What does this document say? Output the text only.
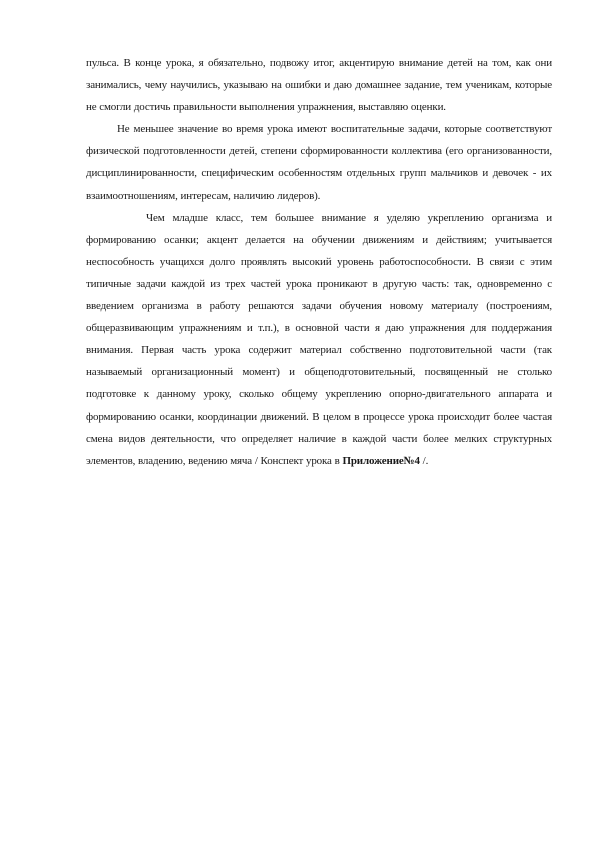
пульса. В конце урока, я обязательно, подвожу итог, акцентирую внимание детей на том, как они занимались, чему научились, указываю на ошибки и даю домашнее задание, тем ученикам, которые не смогли достичь правильности выполнения упражнения, выставляю оценки.

Не меньшее значение во время урока имеют воспитательные задачи, которые соответствуют физической подготовленности детей, степени сформированности коллектива (его организованности, дисциплинированности, специфическим особенностям отдельных групп мальчиков и девочек - их взаимоотношениям, интересам, наличию лидеров).

Чем младше класс, тем большее внимание я уделяю укреплению организма и формированию осанки; акцент делается на обучении движениям и действиям; учитывается неспособность учащихся долго проявлять высокий уровень работоспособности. В связи с этим типичные задачи каждой из трех частей урока проникают в другую часть: так, одновременно с введением организма в работу решаются задачи обучения новому материалу (построениям, общеразвивающим упражнениям и т.п.), в основной части я даю упражнения для поддержания внимания. Первая часть урока содержит материал собственно подготовительной части (так называемый организационный момент) и общеподготовительный, посвященный не столько подготовке к данному уроку, сколько общему укреплению опорно-двигательного аппарата и формированию осанки, координации движений. В целом в процессе урока происходит более частая смена видов деятельности, что определяет наличие в каждой части более мелких структурных элементов, владению, ведению мяча / Конспект урока в Приложение№4 /.
